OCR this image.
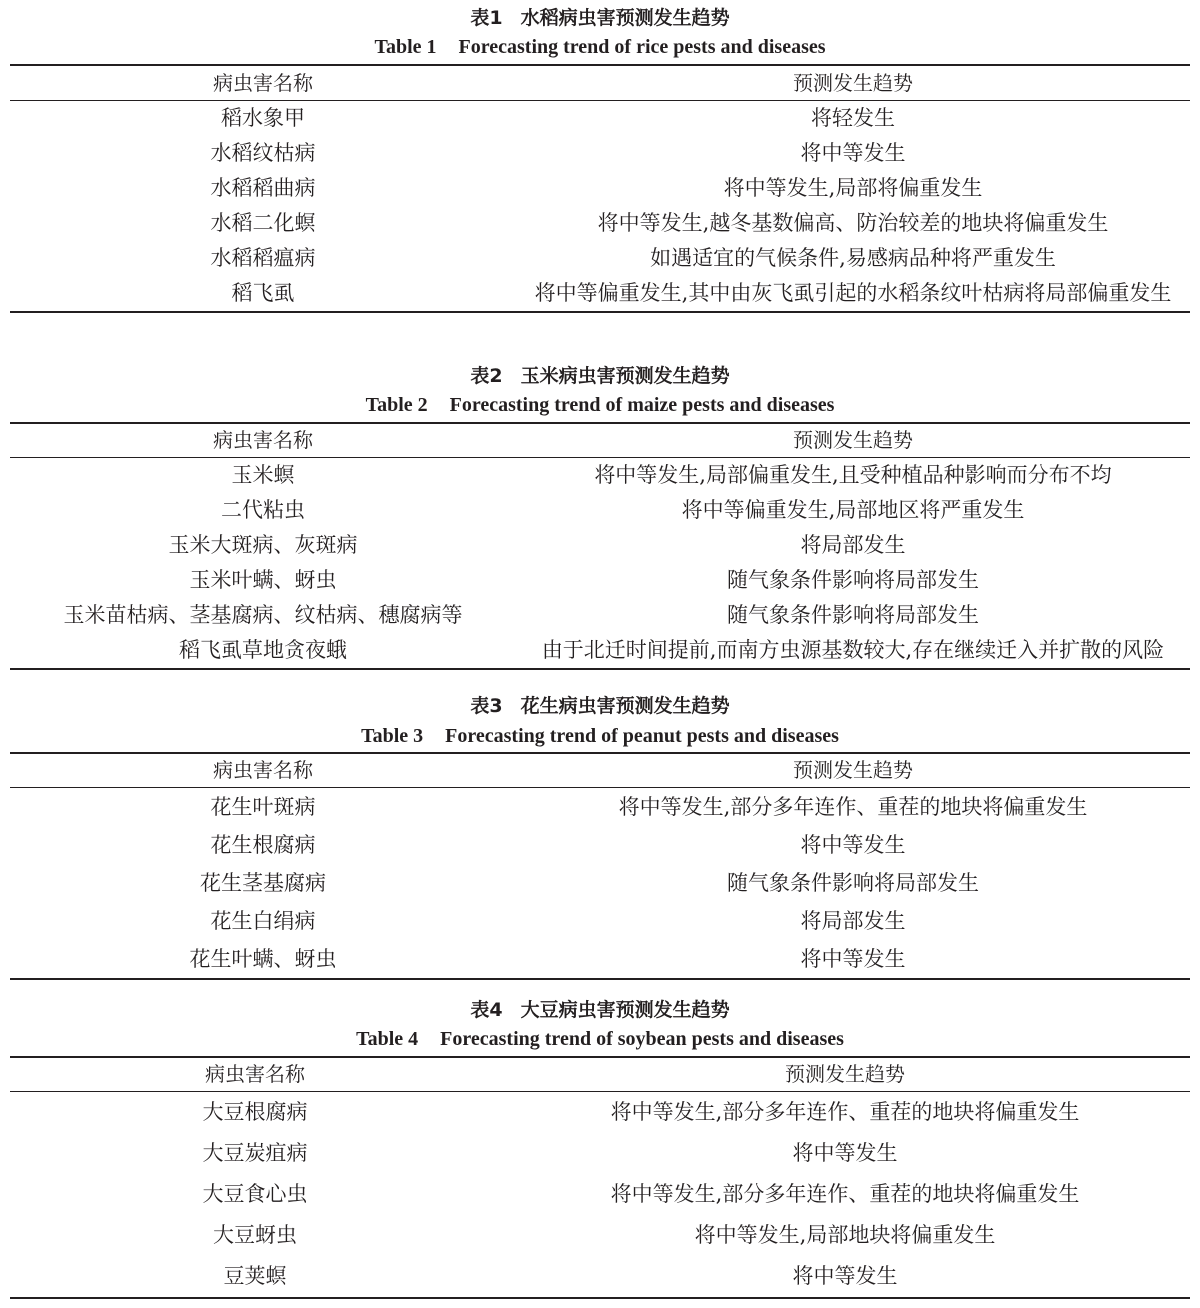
表1 水稻病虫害预测发生趋势
Table 1 Forecasting trend of rice pests and diseases
病虫害名称	预测发生趋势
稻水象甲	将轻发生
水稻纹枯病	将中等发生
水稻稻曲病	将中等发生,局部将偏重发生
水稻二化螟	将中等发生,越冬基数偏高、防治较差的地块将偏重发生
水稻稻瘟病	如遇适宜的气候条件,易感病品种将严重发生
稻飞虱	将中等偏重发生,其中由灰飞虱引起的水稻条纹叶枯病将局部偏重发生
表2 玉米病虫害预测发生趋势
Table 2 Forecasting trend of maize pests and diseases
病虫害名称	预测发生趋势
玉米螟	将中等发生,局部偏重发生,且受种植品种影响而分布不均
二代粘虫	将中等偏重发生,局部地区将严重发生
玉米大斑病、灰斑病	将局部发生
玉米叶螨、蚜虫	随气象条件影响将局部发生
玉米苗枯病、茎基腐病、纹枯病、穗腐病等	随气象条件影响将局部发生
稻飞虱草地贪夜蛾	由于北迁时间提前,而南方虫源基数较大,存在继续迁入并扩散的风险
表3 花生病虫害预测发生趋势
Table 3 Forecasting trend of peanut pests and diseases
病虫害名称	预测发生趋势
花生叶斑病	将中等发生,部分多年连作、重茬的地块将偏重发生
花生根腐病	将中等发生
花生茎基腐病	随气象条件影响将局部发生
花生白绢病	将局部发生
花生叶螨、蚜虫	将中等发生
表4 大豆病虫害预测发生趋势
Table 4 Forecasting trend of soybean pests and diseases
病虫害名称	预测发生趋势
大豆根腐病	将中等发生,部分多年连作、重茬的地块将偏重发生
大豆炭疽病	将中等发生
大豆食心虫	将中等发生,部分多年连作、重茬的地块将偏重发生
大豆蚜虫	将中等发生,局部地块将偏重发生
豆荚螟	将中等发生
